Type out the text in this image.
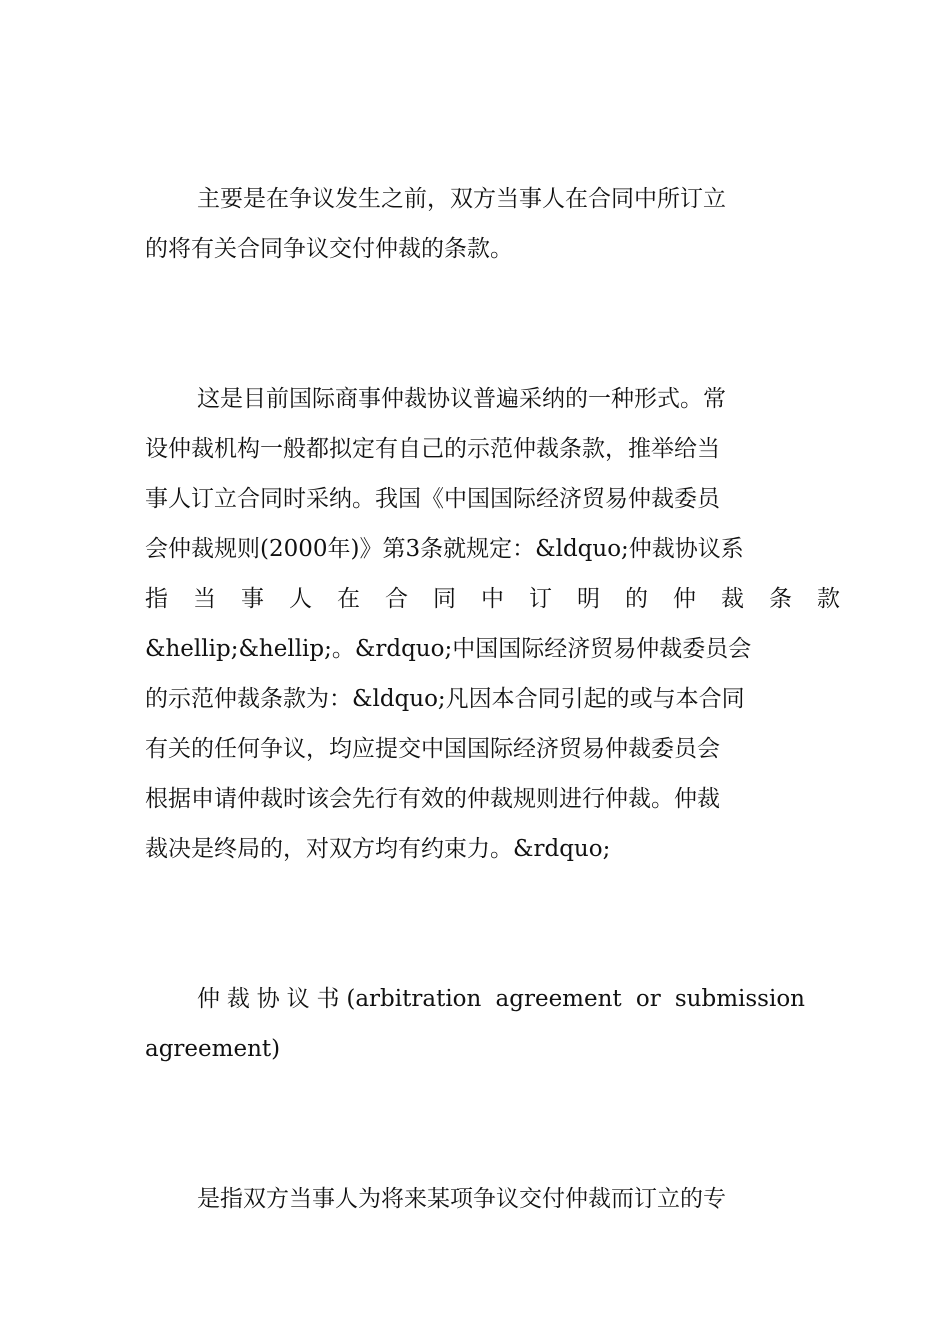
主要是在争议发生之前，双方当事人在合同中所订立
的将有关合同争议交付仲裁的条款。
这是目前国际商事仲裁协议普遍采纳的一种形式。常
设仲裁机构一般都拟定有自己的示范仲裁条款，推举给当
事人订立合同时采纳。我国《中国国际经济贸易仲裁委员
会仲裁规则(2000年)》第3条就规定：&ldquo;仲裁协议系
指当事人在合同中订明的仲裁条款
&hellip;&hellip;。&rdquo;中国国际经济贸易仲裁委员会
的示范仲裁条款为：&ldquo;凡因本合同引起的或与本合同
有关的任何争议，均应提交中国国际经济贸易仲裁委员会
根据申请仲裁时该会先行有效的仲裁规则进行仲裁。仲裁
裁决是终局的，对双方均有约束力。&rdquo;
仲裁协议书(arbitration agreement or submission
agreement)
是指双方当事人为将来某项争议交付仲裁而订立的专
